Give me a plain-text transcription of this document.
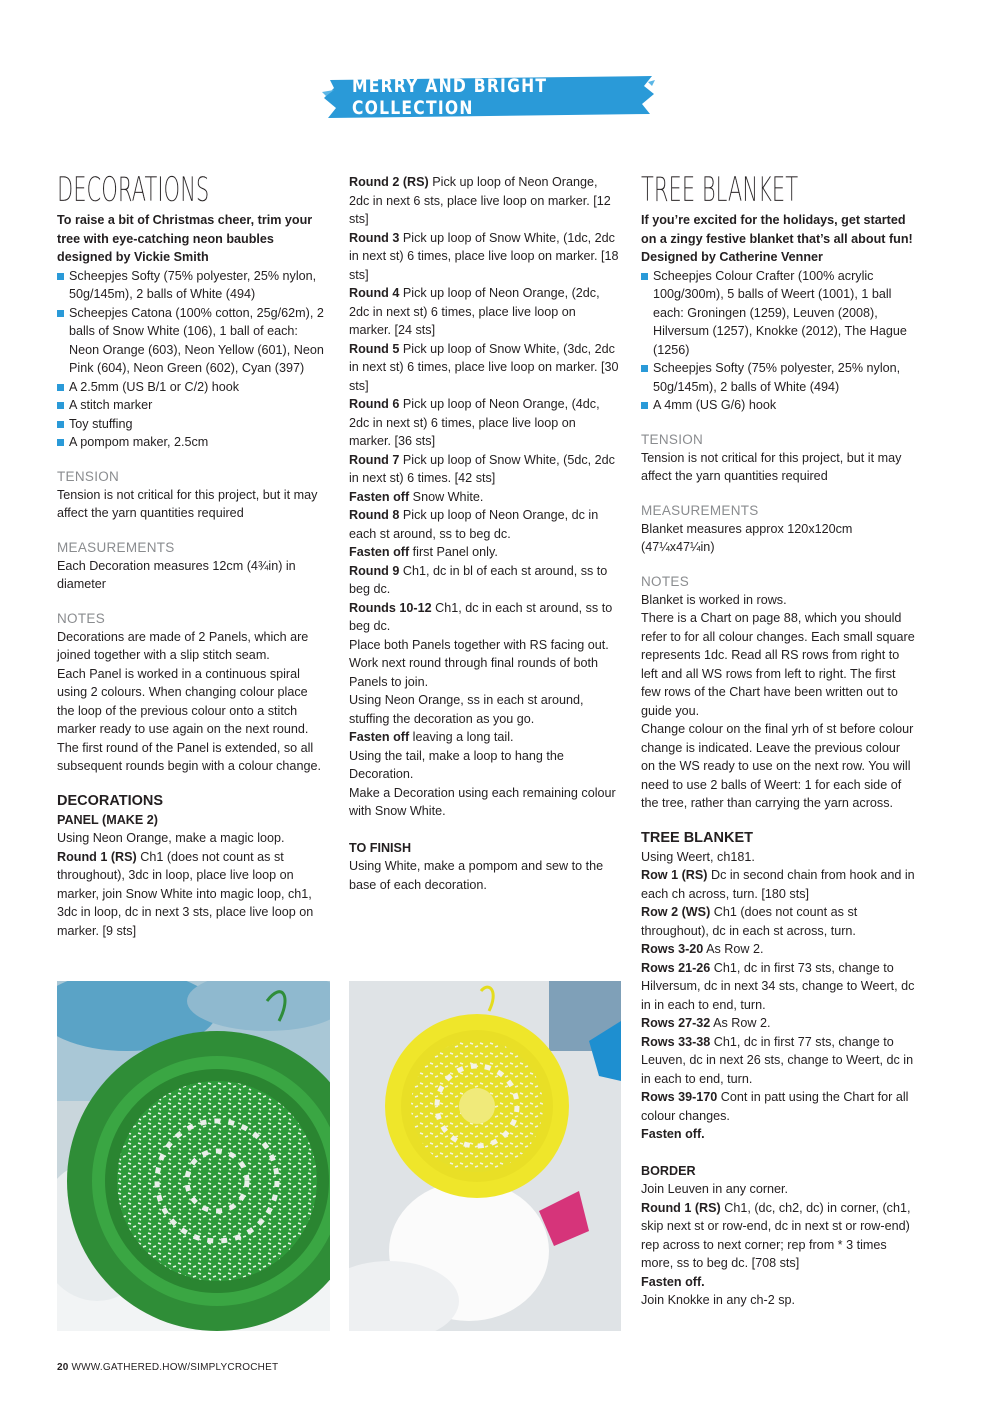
MERRY AND BRIGHT COLLECTION
DECORATIONS

To raise a bit of Christmas cheer, trim your tree with eye-catching neon baubles designed by Vickie Smith

Scheepjes Softy (75% polyester, 25% nylon, 50g/145m), 2 balls of White (494)
Scheepjes Catona (100% cotton, 25g/62m), 2 balls of Snow White (106), 1 ball of each: Neon Orange (603), Neon Yellow (601), Neon Pink (604), Neon Green (602), Cyan (397)
A 2.5mm (US B/1 or C/2) hook
A stitch marker
Toy stuffing
A pompom maker, 2.5cm
TENSION

Tension is not critical for this project, but it may affect the yarn quantities required

MEASUREMENTS

Each Decoration measures 12cm (4¾in) in diameter

NOTES

Decorations are made of 2 Panels, which are joined together with a slip stitch seam.

Each Panel is worked in a continuous spiral using 2 colours. When changing colour place the loop of the previous colour onto a stitch marker ready to use again on the next round.

The first round of the Panel is extended, so all subsequent rounds begin with a colour change.

DECORATIONS
PANEL (MAKE 2)

Using Neon Orange, make a magic loop.

Round 1 (RS) Ch1 (does not count as st throughout), 3dc in loop, place live loop on marker, join Snow White into magic loop, ch1, 3dc in loop, dc in next 3 sts, place live loop on marker. [9 sts]

Round 2 (RS) Pick up loop of Neon Orange, 2dc in next 6 sts, place live loop on marker. [12 sts]

Round 3 Pick up loop of Snow White, (1dc, 2dc in next st) 6 times, place live loop on marker. [18 sts]

Round 4 Pick up loop of Neon Orange, (2dc, 2dc in next st) 6 times, place live loop on marker. [24 sts]

Round 5 Pick up loop of Snow White, (3dc, 2dc in next st) 6 times, place live loop on marker. [30 sts]

Round 6 Pick up loop of Neon Orange, (4dc, 2dc in next st) 6 times, place live loop on marker. [36 sts]

Round 7 Pick up loop of Snow White, (5dc, 2dc in next st) 6 times. [42 sts]

Fasten off Snow White.

Round 8 Pick up loop of Neon Orange, dc in each st around, ss to beg dc.

Fasten off first Panel only.

Round 9 Ch1, dc in bl of each st around, ss to beg dc.

Rounds 10-12 Ch1, dc in each st around, ss to beg dc.

Place both Panels together with RS facing out. Work next round through final rounds of both Panels to join.

Using Neon Orange, ss in each st around, stuffing the decoration as you go.

Fasten off leaving a long tail.

Using the tail, make a loop to hang the Decoration.

Make a Decoration using each remaining colour with Snow White.

TO FINISH

Using White, make a pompom and sew to the base of each decoration.

TREE BLANKET

If you’re excited for the holidays, get started on a zingy festive blanket that’s all about fun! Designed by Catherine Venner

Scheepjes Colour Crafter (100% acrylic 100g/300m), 5 balls of Weert (1001), 1 ball each: Groningen (1259), Leuven (2008), Hilversum (1257), Knokke (2012), The Hague (1256)
Scheepjes Softy (75% polyester, 25% nylon, 50g/145m), 2 balls of White (494)
A 4mm (US G/6) hook
TENSION

Tension is not critical for this project, but it may affect the yarn quantities required

MEASUREMENTS

Blanket measures approx 120x120cm (47¼x47¼in)

NOTES

Blanket is worked in rows.

There is a Chart on page 88, which you should refer to for all colour changes. Each small square represents 1dc. Read all RS rows from right to left and all WS rows from left to right. The first few rows of the Chart have been written out to guide you.

Change colour on the final yrh of st before colour change is indicated. Leave the previous colour on the WS ready to use on the next row. You will need to use 2 balls of Weert: 1 for each side of the tree, rather than carrying the yarn across.

TREE BLANKET

Using Weert, ch181.

Row 1 (RS) Dc in second chain from hook and in each ch across, turn. [180 sts]

Row 2 (WS) Ch1 (does not count as st throughout), dc in each st across, turn.

Rows 3-20 As Row 2.

Rows 21-26 Ch1, dc in first 73 sts, change to Hilversum, dc in next 34 sts, change to Weert, dc in in each to end, turn.

Rows 27-32 As Row 2.

Rows 33-38 Ch1, dc in first 77 sts, change to Leuven, dc in next 26 sts, change to Weert, dc in in each to end, turn.

Rows 39-170 Cont in patt using the Chart for all colour changes.

Fasten off.

BORDER

Join Leuven in any corner.

Round 1 (RS) Ch1, (dc, ch2, dc) in corner, (ch1, skip next st or row-end, dc in next st or row-end) rep across to next corner; rep from * 3 times more, ss to beg dc. [708 sts]

Fasten off.

Join Knokke in any ch-2 sp.

20 WWW.GATHERED.HOW/SIMPLYCROCHET
